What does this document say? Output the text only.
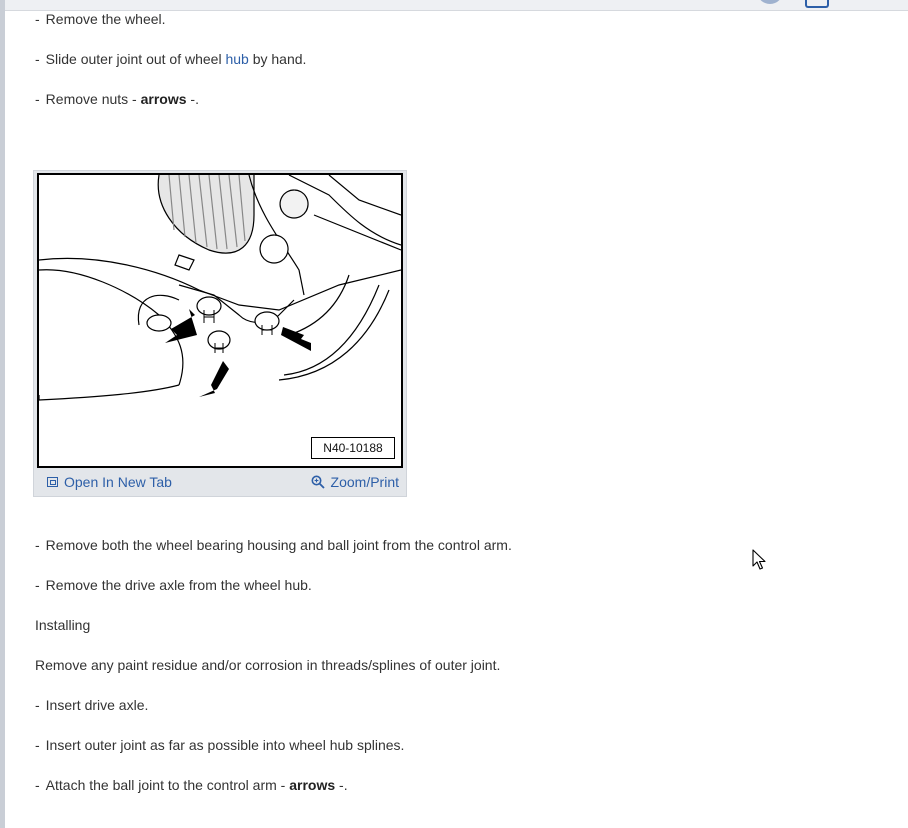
- Remove the wheel.
- Slide outer joint out of wheel hub by hand.
- Remove nuts - arrows -.
N40-10188
Open In New Tab	Zoom/Print
- Remove both the wheel bearing housing and ball joint from the control arm.
- Remove the drive axle from the wheel hub.
Installing
Remove any paint residue and/or corrosion in threads/splines of outer joint.
- Insert drive axle.
- Insert outer joint as far as possible into wheel hub splines.
- Attach the ball joint to the control arm - arrows -.
